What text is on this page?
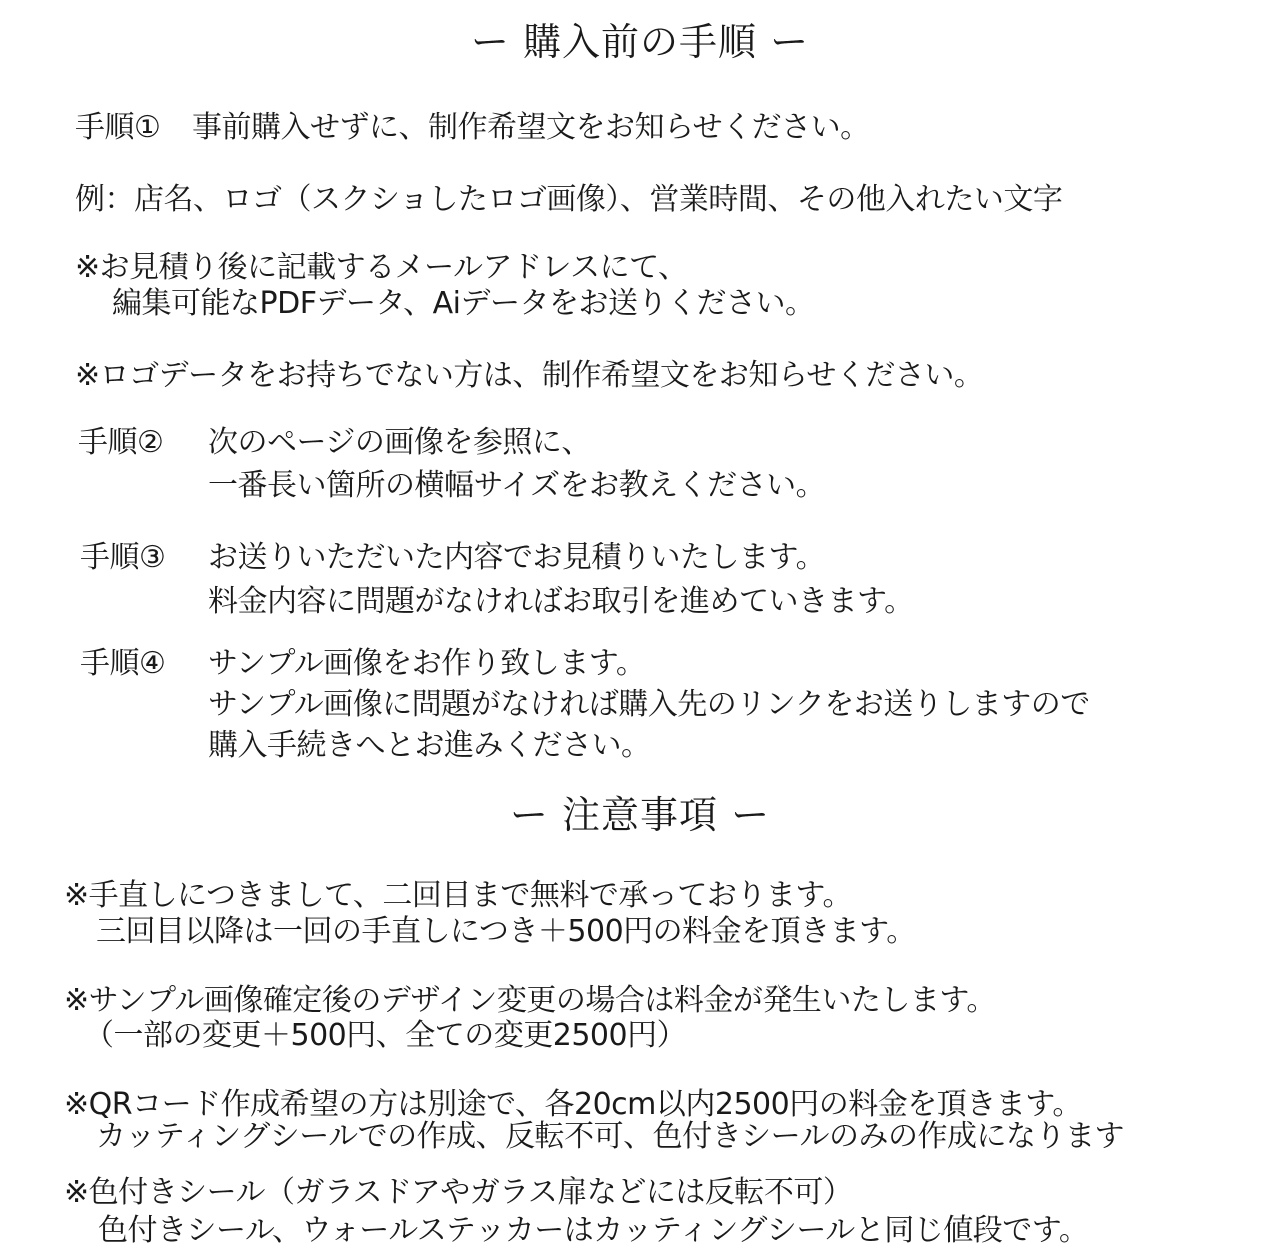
ー 購入前の手順 ー
手順① 事前購入せずに、制作希望文をお知らせください。
例：店名、ロゴ（スクショしたロゴ画像）、営業時間、その他入れたい文字
※お見積り後に記載するメールアドレスにて、
編集可能なPDFデータ、Aiデータをお送りください。
※ロゴデータをお持ちでない方は、制作希望文をお知らせください。
手順② 次のページの画像を参照に、
一番長い箇所の横幅サイズをお教えください。
手順③ お送りいただいた内容でお見積りいたします。
料金内容に問題がなければお取引を進めていきます。
手順④ サンプル画像をお作り致します。
サンプル画像に問題がなければ購入先のリンクをお送りしますので
購入手続きへとお進みください。
ー 注意事項 ー
※手直しにつきまして、二回目まで無料で承っております。
三回目以降は一回の手直しにつき＋500円の料金を頂きます。
※サンプル画像確定後のデザイン変更の場合は料金が発生いたします。
（一部の変更＋500円、全ての変更2500円）
※QRコード作成希望の方は別途で、各20cm以内2500円の料金を頂きます。
カッティングシールでの作成、反転不可、色付きシールのみの作成になります
※色付きシール（ガラスドアやガラス扉などには反転不可）
色付きシール、ウォールステッカーはカッティングシールと同じ値段です。
